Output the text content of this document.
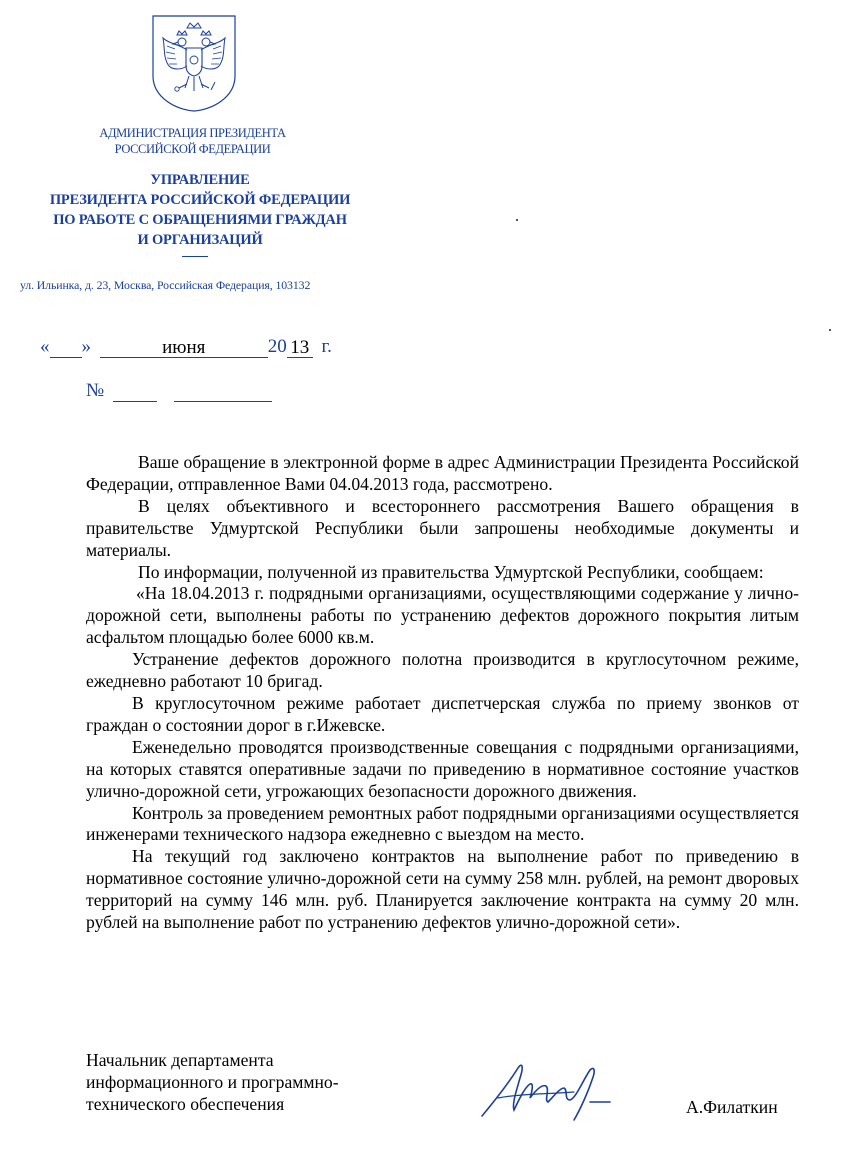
АДМИНИСТРАЦИЯ ПРЕЗИДЕНТА
РОССИЙСКОЙ ФЕДЕРАЦИИ
УПРАВЛЕНИЕ
ПРЕЗИДЕНТА РОССИЙСКОЙ ФЕДЕРАЦИИ
ПО РАБОТЕ С ОБРАЩЕНИЯМИ ГРАЖДАН
И ОРГАНИЗАЦИЙ
ул. Ильинка, д. 23, Москва, Российская Федерация, 103132
« »	июня	20 13 г.
№

Ваше обращение в электронной форме в адрес Администрации Президента Российской Федерации, отправленное Вами 04.04.2013 года, рассмотрено.

В целях объективного и всестороннего рассмотрения Вашего обращения в правительстве Удмуртской Республики были запрошены необходимые документы и материалы.

По информации, полученной из правительства Удмуртской Республики, сообщаем:

«На 18.04.2013 г. подрядными организациями, осуществляющими содержание у лично-дорожной сети, выполнены работы по устранению дефектов дорожного покрытия литым асфальтом площадью более 6000 кв.м.

Устранение дефектов дорожного полотна производится в круглосуточном режиме, ежедневно работают 10 бригад.

В круглосуточном режиме работает диспетчерская служба по приему звонков от граждан о состоянии дорог в г.Ижевске.

Еженедельно проводятся производственные совещания с подрядными организациями, на которых ставятся оперативные задачи по приведению в нормативное состояние участков улично-дорожной сети, угрожающих безопасности дорожного движения.

Контроль за проведением ремонтных работ подрядными организациями осуществляется инженерами технического надзора ежедневно с выездом на место.

На текущий год заключено контрактов на выполнение работ по приведению в нормативное состояние улично-дорожной сети на сумму 258 млн. рублей, на ремонт дворовых территорий на сумму 146 млн. руб. Планируется заключение контракта на сумму 20 млн. рублей на выполнение работ по устранению дефектов улично-дорожной сети».

Начальник департамента
информационного и программно-
технического обеспечения	А.Филаткин
